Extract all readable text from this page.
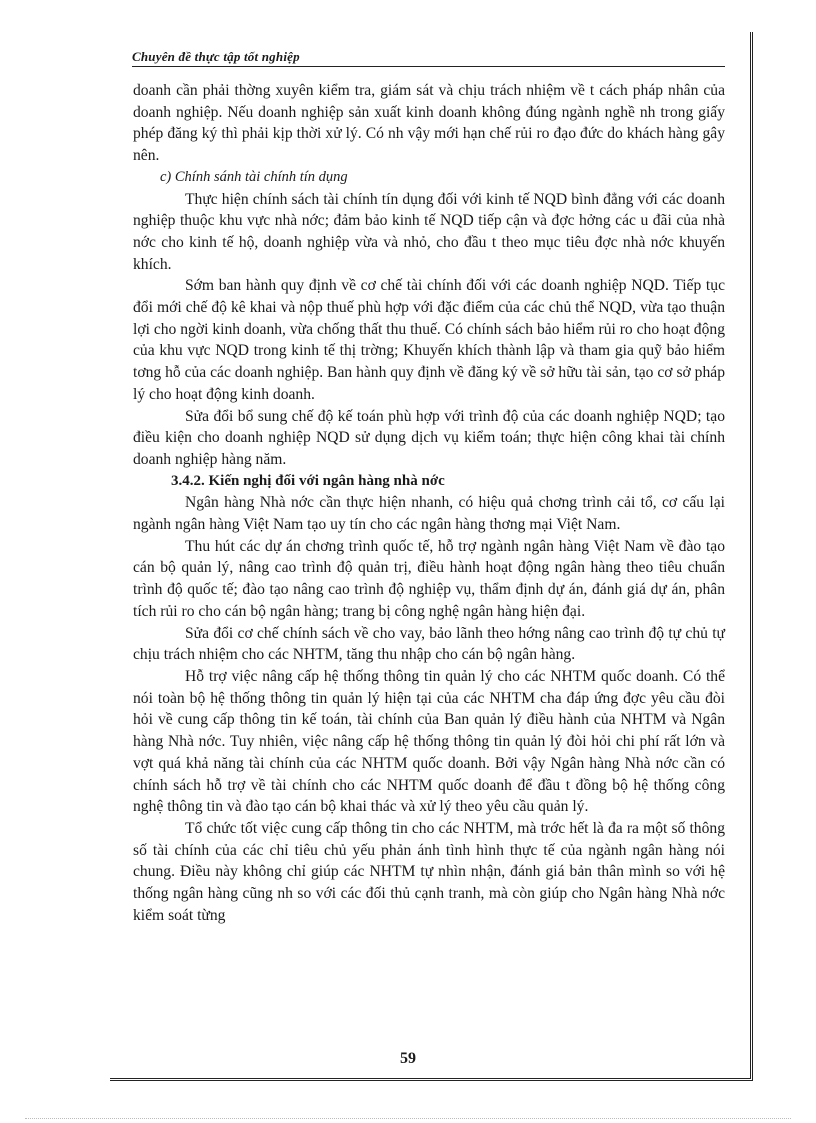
Chuyên đề thực tập tốt nghiệp

doanh cần phải thờng xuyên kiểm tra, giám sát và chịu trách nhiệm về t cách pháp nhân của doanh nghiệp. Nếu doanh nghiệp sản xuất kinh doanh không đúng ngành nghề nh trong giấy phép đăng ký thì phải kịp thời xử lý. Có nh vậy mới hạn chế rủi ro đạo đức do khách hàng gây nên.

c) Chính sánh tài chính tín dụng

Thực hiện chính sách tài chính tín dụng đối với kinh tế NQD bình đẳng với các doanh nghiệp thuộc khu vực nhà nớc; đảm bảo kinh tế NQD tiếp cận và đợc hởng các u đãi của nhà nớc cho kinh tế hộ, doanh nghiệp vừa và nhỏ, cho đầu t theo mục tiêu đợc nhà nớc khuyến khích.

Sớm ban hành quy định về cơ chế tài chính đối với các doanh nghiệp NQD. Tiếp tục đổi mới chế độ kê khai và nộp thuế phù hợp với đặc điểm của các chủ thể NQD, vừa tạo thuận lợi cho ngời kinh doanh, vừa chống thất thu thuế. Có chính sách bảo hiểm rủi ro cho hoạt động của khu vực NQD trong kinh tế thị trờng; Khuyến khích thành lập và tham gia quỹ bảo hiểm tơng hỗ của các doanh nghiệp. Ban hành quy định về đăng ký về sở hữu tài sản, tạo cơ sở pháp lý cho hoạt động kinh doanh.

Sửa đổi bổ sung chế độ kế toán phù hợp với trình độ của các doanh nghiệp NQD; tạo điều kiện cho doanh nghiệp NQD sử dụng dịch vụ kiểm toán; thực hiện công khai tài chính doanh nghiệp hàng năm.

3.4.2. Kiến nghị đối với ngân hàng nhà nớc

Ngân hàng Nhà nớc cần thực hiện nhanh, có hiệu quả chơng trình cải tổ, cơ cấu lại ngành ngân hàng Việt Nam tạo uy tín cho các ngân hàng thơng mại Việt Nam.

Thu hút các dự án chơng trình quốc tế, hỗ trợ ngành ngân hàng Việt Nam về đào tạo cán bộ quản lý, nâng cao trình độ quản trị, điều hành hoạt động ngân hàng theo tiêu chuẩn trình độ quốc tế; đào tạo nâng cao trình độ nghiệp vụ, thẩm định dự án, đánh giá dự án, phân tích rủi ro cho cán bộ ngân hàng; trang bị công nghệ ngân hàng hiện đại.

Sửa đổi cơ chế chính sách về cho vay, bảo lãnh theo hớng nâng cao trình độ tự chủ tự chịu trách nhiệm cho các NHTM, tăng thu nhập cho cán bộ ngân hàng.

Hỗ trợ việc nâng cấp hệ thống thông tin quản lý cho các NHTM quốc doanh. Có thể nói toàn bộ hệ thống thông tin quản lý hiện tại của các NHTM cha đáp ứng đợc yêu cầu đòi hỏi về cung cấp thông tin kế toán, tài chính của Ban quản lý điều hành của NHTM và Ngân hàng Nhà nớc. Tuy nhiên, việc nâng cấp hệ thống thông tin quản lý đòi hỏi chi phí rất lớn và vợt quá khả năng tài chính của các NHTM quốc doanh. Bởi vậy Ngân hàng Nhà nớc cần có chính sách hỗ trợ về tài chính cho các NHTM quốc doanh để đầu t đồng bộ hệ thống công nghệ thông tin và đào tạo cán bộ khai thác và xử lý theo yêu cầu quản lý.

Tổ chức tốt việc cung cấp thông tin cho các NHTM, mà trớc hết là đa ra một số thông số tài chính của các chỉ tiêu chủ yếu phản ánh tình hình thực tế của ngành ngân hàng nói chung. Điều này không chỉ giúp các NHTM tự nhìn nhận, đánh giá bản thân mình so với hệ thống ngân hàng cũng nh so với các đối thủ cạnh tranh, mà còn giúp cho Ngân hàng Nhà nớc kiểm soát từng

59
